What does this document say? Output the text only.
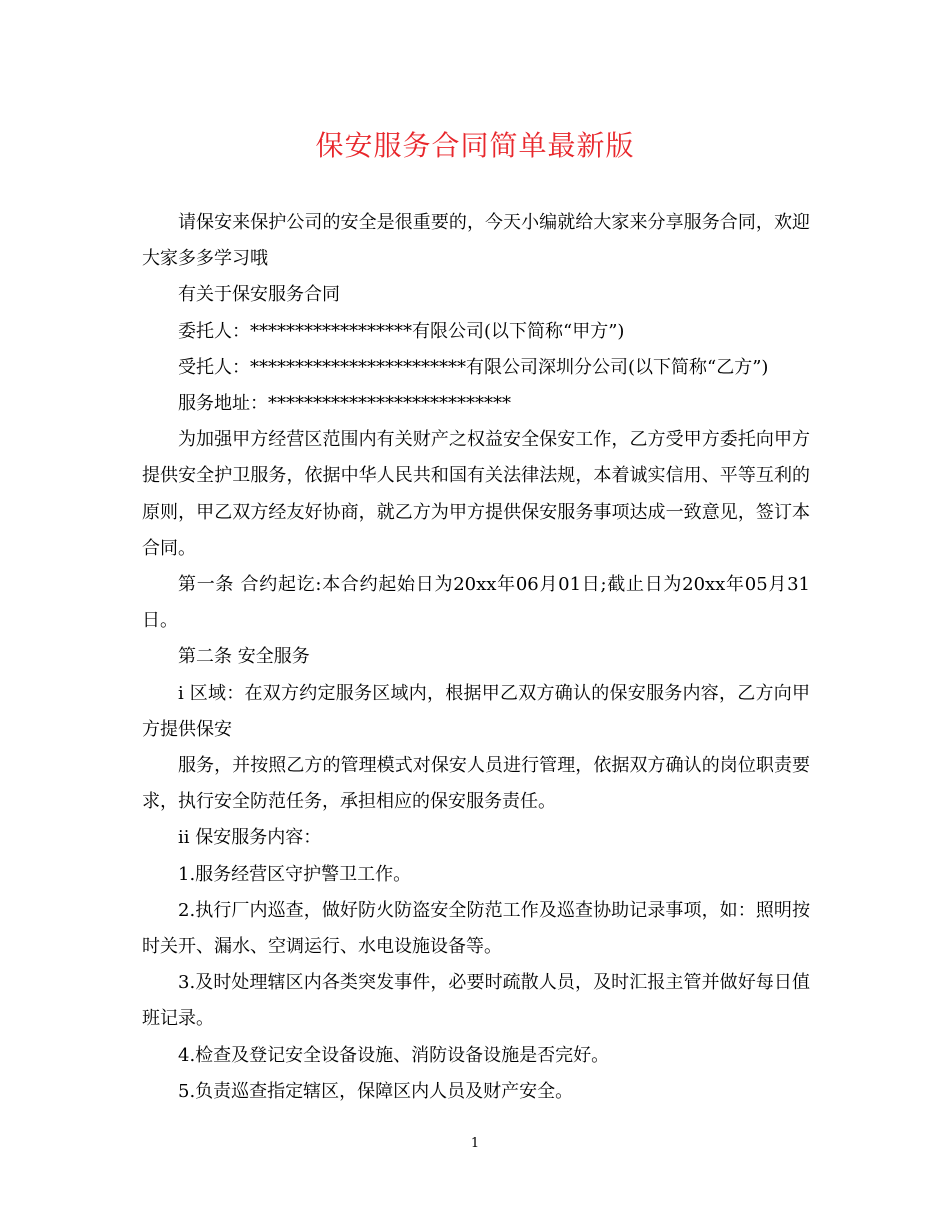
保安服务合同简单最新版

请保安来保护公司的安全是很重要的，今天小编就给大家来分享服务合同，欢迎大家多多学习哦

有关于保安服务合同

委托人：******************有限公司(以下简称“甲方”)

受托人：************************有限公司深圳分公司(以下简称“乙方”)

服务地址：***************************

为加强甲方经营区范围内有关财产之权益安全保安工作，乙方受甲方委托向甲方提供安全护卫服务，依据中华人民共和国有关法律法规，本着诚实信用、平等互利的原则，甲乙双方经友好协商，就乙方为甲方提供保安服务事项达成一致意见，签订本合同。

第一条 合约起讫:本合约起始日为20xx年06月01日;截止日为20xx年05月31日。

第二条 安全服务

i 区域：在双方约定服务区域内，根据甲乙双方确认的保安服务内容，乙方向甲方提供保安

服务，并按照乙方的管理模式对保安人员进行管理，依据双方确认的岗位职责要求，执行安全防范任务，承担相应的保安服务责任。

ii 保安服务内容：

1.服务经营区守护警卫工作。

2.执行厂内巡查，做好防火防盗安全防范工作及巡查协助记录事项，如：照明按时关开、漏水、空调运行、水电设施设备等。

3.及时处理辖区内各类突发事件，必要时疏散人员，及时汇报主管并做好每日值班记录。

4.检查及登记安全设备设施、消防设备设施是否完好。

5.负责巡查指定辖区，保障区内人员及财产安全。

1
